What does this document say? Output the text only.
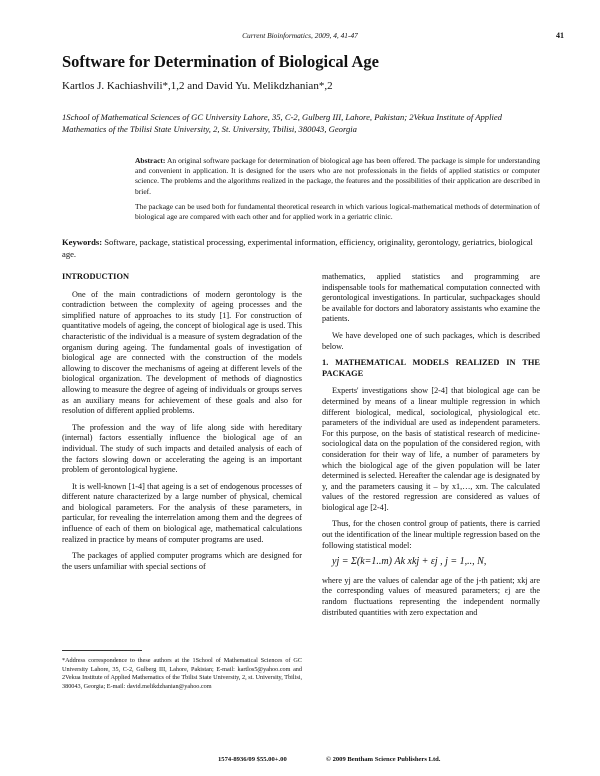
Current Bioinformatics, 2009, 4, 41-47	41
Software for Determination of Biological Age
Kartlos J. Kachiashvili*,1,2 and David Yu. Melikdzhanian*,2
1School of Mathematical Sciences of GC University Lahore, 35, C-2, Gulberg III, Lahore, Pakistan; 2Vekua Institute of Applied Mathematics of the Tbilisi State University, 2, St. University, Tbilisi, 380043, Georgia

Abstract: An original software package for determination of biological age has been offered. The package is simple for understanding and convenient in application. It is designed for the users who are not professionals in the fields of applied statistics or computer science. The problems and the algorithms realized in the package, the features and the possibilities of their application are described in brief.

The package can be used both for fundamental theoretical research in which various logical-mathematical methods of determination of biological age are compared with each other and for applied work in a geriatric clinic.

Keywords: Software, package, statistical processing, experimental information, efficiency, originality, gerontology, geriatrics, biological age.
INTRODUCTION

One of the main contradictions of modern gerontology is the contradiction between the complexity of ageing processes and the simplified nature of approaches to its study [1]. For construction of quantitative models of ageing, the concept of biological age is used. This characteristic of the individual is a measure of system degradation of the organism during ageing. The fundamental goals of investigation of biological age are connected with the construction of the models allowing to discover the mechanisms of ageing at different levels of the biological organization. The development of methods of diagnostics allowing to measure the degree of ageing of individuals or groups serves as an auxiliary means for achievement of these goals and also for resolution of different applied problems.

The profession and the way of life along side with hereditary (internal) factors essentially influence the biological age of an individual. The study of such impacts and detailed analysis of each of the factors slowing down or accelerating the ageing is an important problem of gerontological hygiene.

It is well-known [1-4] that ageing is a set of endogenous processes of different nature characterized by a large number of physical, chemical and biological parameters. For the analysis of these parameters, in particular, for revealing the interrelation among them and the degrees of influence of each of them on biological age, mathematical calculations realized in practice by means of computer programs are used.

The packages of applied computer programs which are designed for the users unfamiliar with special sections of

*Address correspondence to these authors at the 1School of Mathematical Sciences of GC University Lahore, 35, C-2, Gulberg III, Lahore, Pakistan; E-mail: kartlos5@yahoo.com and 2Vekua Institute of Applied Mathematics of the Tbilisi State University, 2, st. University, Tbilisi, 380043, Georgia; E-mail: david.melikdzhanian@yahoo.com

mathematics, applied statistics and programming are indispensable tools for mathematical computation connected with gerontological investigations. In particular, suchpackages should be available for doctors and laboratory assistants who examine the patients.

We have developed one of such packages, which is described below.

1. MATHEMATICAL MODELS REALIZED IN THE PACKAGE

Experts' investigations show [2-4] that biological age can be determined by means of a linear multiple regression in which different biological, medical, sociological, physiological etc. parameters of the individual are used as independent parameters. For this purpose, on the basis of statistical research of medicine-sociological data on the population of the considered region, with consideration for their way of life, a number of parameters by which the biological age of the given population will be later determined is selected. Hereafter the calendar age is designated by y, and the parameters causing it – by x1,…, xm. The calculated values of the restored regression are considered as values of biological age [2-4].

Thus, for the chosen control group of patients, there is carried out the identification of the linear multiple regression based on the following statistical model:

yj = Σ(k=1..m) Ak xkj + εj , j = 1,.., N,

where yj are the values of calendar age of the j-th patient; xkj are the corresponding values of measured parameters; εj are the random fluctuations representing the independent normally distributed quantities with zero expectation and

1574-8936/09 $55.00+.00	© 2009 Bentham Science Publishers Ltd.
